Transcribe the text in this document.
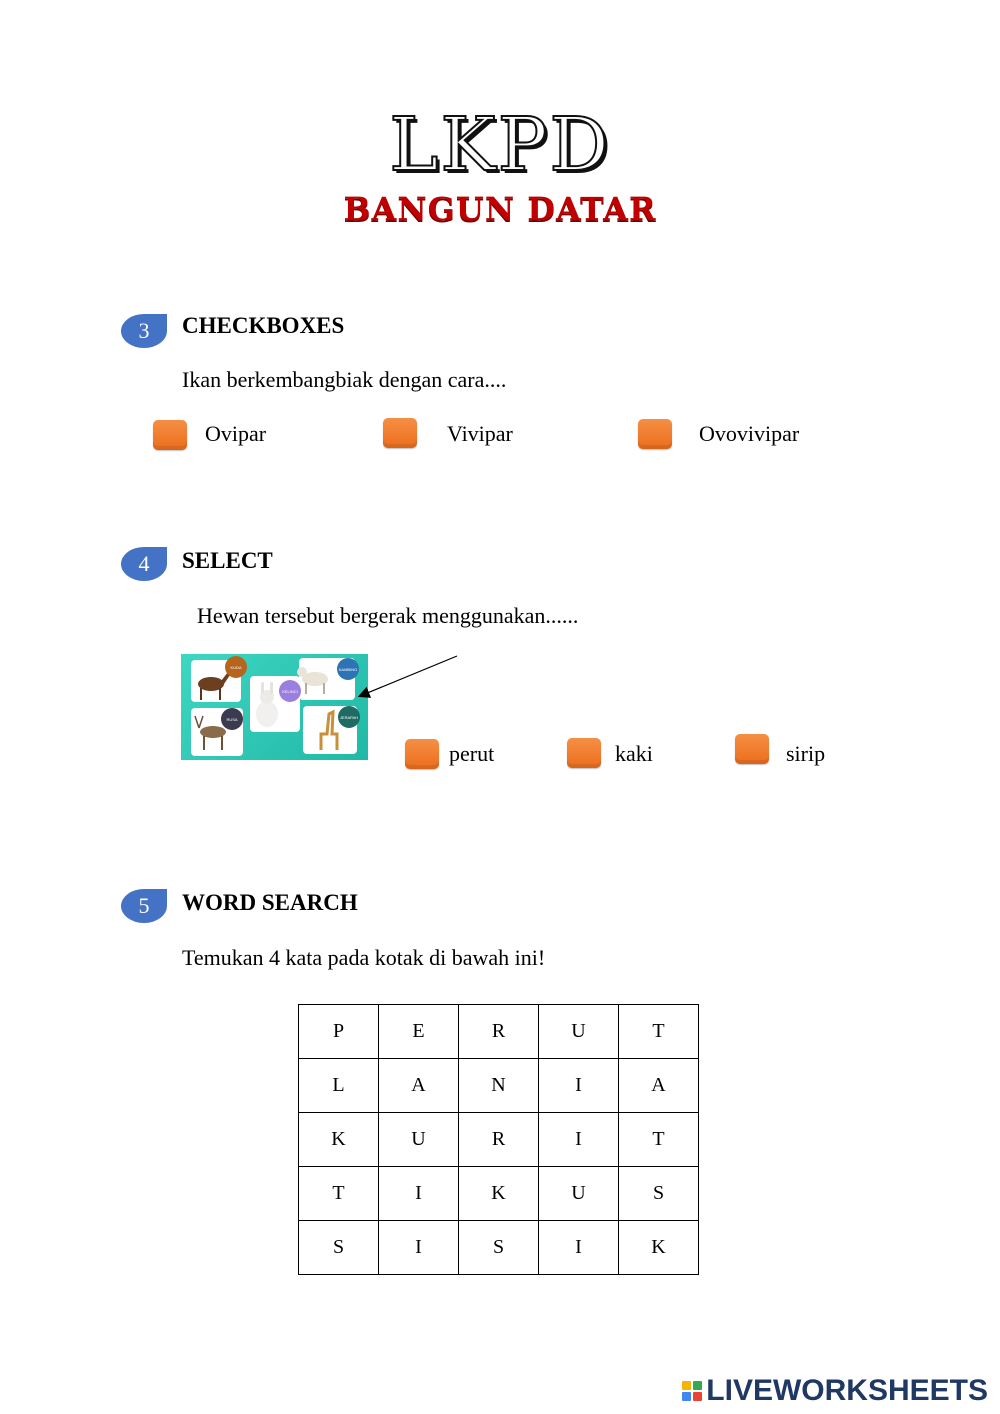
LKPD
BANGUN DATAR
3	CHECKBOXES
Ikan berkembangbiak dengan cara....
Ovipar	Vivipar	Ovovivipar
4	SELECT
Hewan tersebut bergerak menggunakan......
KUDA	KAMBING
KELINCI
RUSA	JERAPAH
perut	kaki	sirip
5	WORD SEARCH
Temukan 4 kata pada kotak di bawah ini!
P	E	R	U	T
L	A	N	I	A
K	U	R	I	T
T	I	K	U	S
S	I	S	I	K
LIVEWORKSHEETS
